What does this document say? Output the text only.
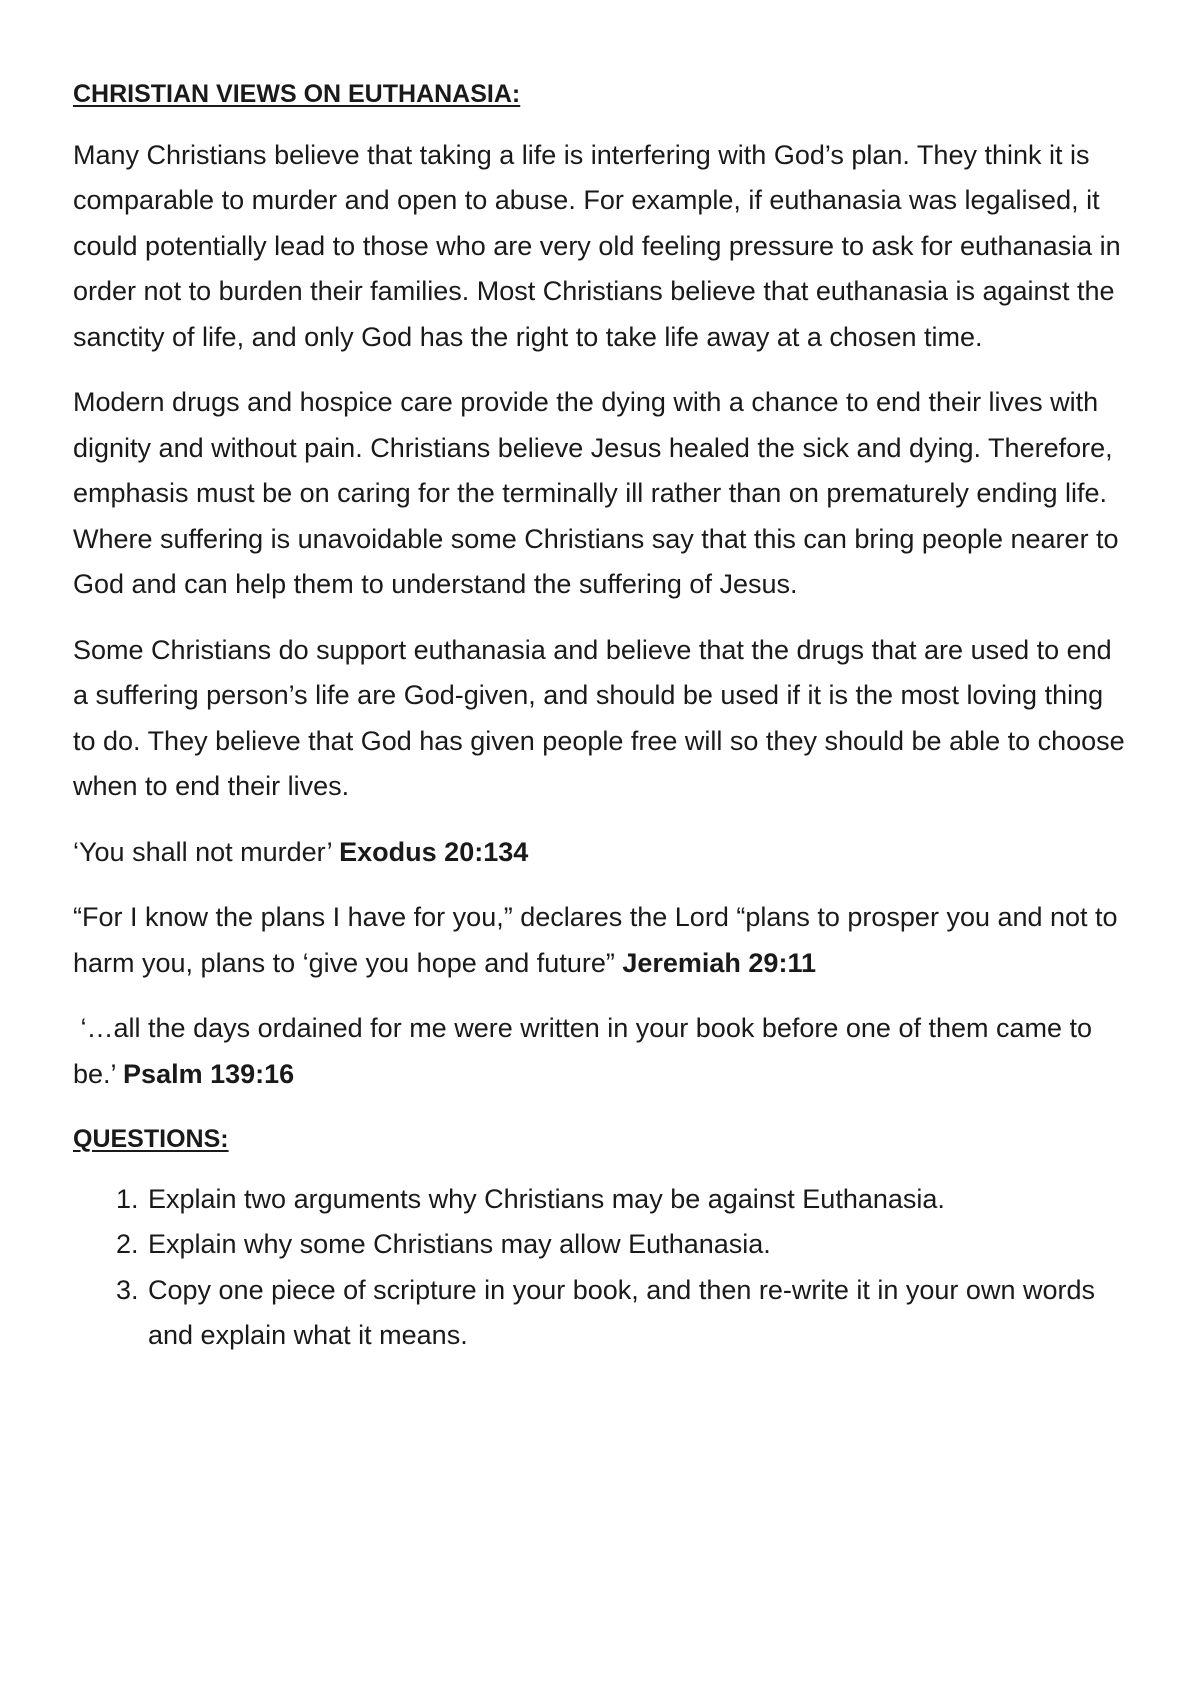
CHRISTIAN VIEWS ON EUTHANASIA:

Many Christians believe that taking a life is interfering with God’s plan. They think it is comparable to murder and open to abuse. For example, if euthanasia was legalised, it could potentially lead to those who are very old feeling pressure to ask for euthanasia in order not to burden their families. Most Christians believe that euthanasia is against the sanctity of life, and only God has the right to take life away at a chosen time.

Modern drugs and hospice care provide the dying with a chance to end their lives with dignity and without pain. Christians believe Jesus healed the sick and dying. Therefore, emphasis must be on caring for the terminally ill rather than on prematurely ending life. Where suffering is unavoidable some Christians say that this can bring people nearer to God and can help them to understand the suffering of Jesus.

Some Christians do support euthanasia and believe that the drugs that are used to end a suffering person’s life are God-given, and should be used if it is the most loving thing to do. They believe that God has given people free will so they should be able to choose when to end their lives.

‘You shall not murder’ Exodus 20:134
“For I know the plans I have for you,” declares the Lord “plans to prosper you and not to harm you, plans to ‘give you hope and future” Jeremiah 29:11
‘…all the days ordained for me were written in your book before one of them came to be.’ Psalm 139:16
QUESTIONS:
1. Explain two arguments why Christians may be against Euthanasia.
2. Explain why some Christians may allow Euthanasia.
3. Copy one piece of scripture in your book, and then re-write it in your own words and explain what it means.
